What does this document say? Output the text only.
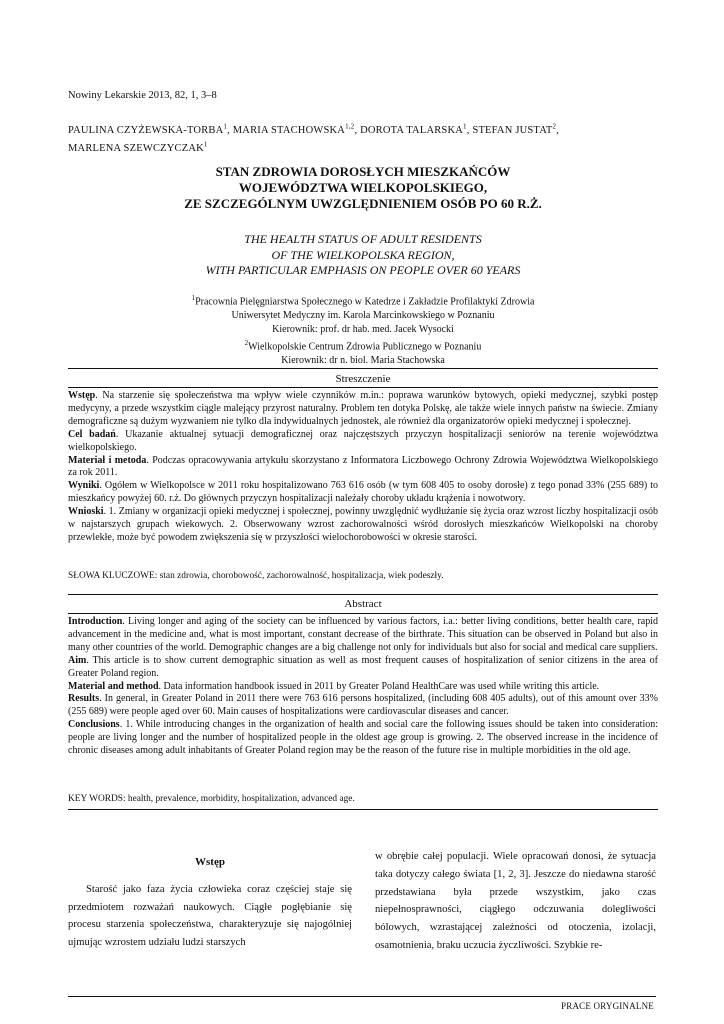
Nowiny Lekarskie 2013, 82, 1, 3–8
PAULINA CZYŻEWSKA-TORBA$^1$, MARIA STACHOWSKA$^{1,2}$, DOROTA TALARSKA$^1$, STEFAN JUSTAT$^2$,
MARLENA SZEWCZYCZAK$^1$
STAN ZDROWIA DOROSŁYCH MIESZKAŃCÓW
WOJEWÓDZTWA WIELKOPOLSKIEGO,
ZE SZCZEGÓLNYM UWZGLĘDNIENIEM OSÓB PO 60 R.Ż.
THE HEALTH STATUS OF ADULT RESIDENTS
OF THE WIELKOPOLSKA REGION,
WITH PARTICULAR EMPHASIS ON PEOPLE OVER 60 YEARS
$^1$Pracownia Pielęgniarstwa Społecznego w Katedrze i Zakładzie Profilaktyki Zdrowia
Uniwersytet Medyczny im. Karola Marcinkowskiego w Poznaniu
Kierownik: prof. dr hab. med. Jacek Wysocki
$^2$Wielkopolskie Centrum Zdrowia Publicznego w Poznaniu
Kierownik: dr n. biol. Maria Stachowska
Streszczenie

Wstęp. Na starzenie się społeczeństwa ma wpływ wiele czynników m.in.: poprawa warunków bytowych, opieki medycznej, szybki postęp medycyny, a przede wszystkim ciągle malejący przyrost naturalny. Problem ten dotyka Polskę, ale także wiele innych państw na świecie. Zmiany demograficzne są dużym wyzwaniem nie tylko dla indywidualnych jednostek, ale również dla organizatorów opieki medycznej i społecznej.

Cel badań. Ukazanie aktualnej sytuacji demograficznej oraz najczęstszych przyczyn hospitalizacji seniorów na terenie województwa wielkopolskiego.

Materiał i metoda. Podczas opracowywania artykułu skorzystano z Informatora Liczbowego Ochrony Zdrowia Województwa Wielkopolskiego za rok 2011.

Wyniki. Ogółem w Wielkopolsce w 2011 roku hospitalizowano 763 616 osób (w tym 608 405 to osoby dorosłe) z tego ponad 33% (255 689) to mieszkańcy powyżej 60. r.ż. Do głównych przyczyn hospitalizacji należały choroby układu krążenia i nowotwory.

Wnioski. 1. Zmiany w organizacji opieki medycznej i społecznej, powinny uwzględnić wydłużanie się życia oraz wzrost liczby hospitalizacji osób w najstarszych grupach wiekowych. 2. Obserwowany wzrost zachorowalności wśród dorosłych mieszkańców Wielkopolski na choroby przewlekłe, może być powodem zwiększenia się w przyszłości wielochorobowości w okresie starości.

SŁOWA KLUCZOWE: stan zdrowia, chorobowość, zachorowalność, hospitalizacja, wiek podeszły.
Abstract

Introduction. Living longer and aging of the society can be influenced by various factors, i.a.: better living conditions, better health care, rapid advancement in the medicine and, what is most important, constant decrease of the birthrate. This situation can be observed in Poland but also in many other countries of the world. Demographic changes are a big challenge not only for individuals but also for social and medical care suppliers.

Aim. This article is to show current demographic situation as well as most frequent causes of hospitalization of senior citizens in the area of Greater Poland region.

Material and method. Data information handbook issued in 2011 by Greater Poland HealthCare was used while writing this article.

Results. In general, in Greater Poland in 2011 there were 763 616 persons hospitalized, (including 608 405 adults), out of this amount over 33% (255 689) were people aged over 60. Main causes of hospitalizations were cardiovascular diseases and cancer.

Conclusions. 1. While introducing changes in the organization of health and social care the following issues should be taken into consideration: people are living longer and the number of hospitalized people in the oldest age group is growing. 2. The observed increase in the incidence of chronic diseases among adult inhabitants of Greater Poland region may be the reason of the future rise in multiple morbidities in the old age.

KEY WORDS: health, prevalence, morbidity, hospitalization, advanced age.
Wstęp
Starość jako faza życia człowieka coraz częściej staje się przedmiotem rozważań naukowych. Ciągłe pogłębianie się procesu starzenia społeczeństwa, charakteryzuje się najogólniej ujmując wzrostem udziału ludzi starszych
w obrębie całej populacji. Wiele opracowań donosi, że sytuacja taka dotyczy całego świata [1, 2, 3]. Jeszcze do niedawna starość przedstawiana była przede wszystkim, jako czas niepełnosprawności, ciągłego odczuwania dolegliwości bólowych, wzrastającej zależności od otoczenia, izolacji, osamotnienia, braku uczucia życzliwości. Szybkie re-
PRACE ORYGINALNE
